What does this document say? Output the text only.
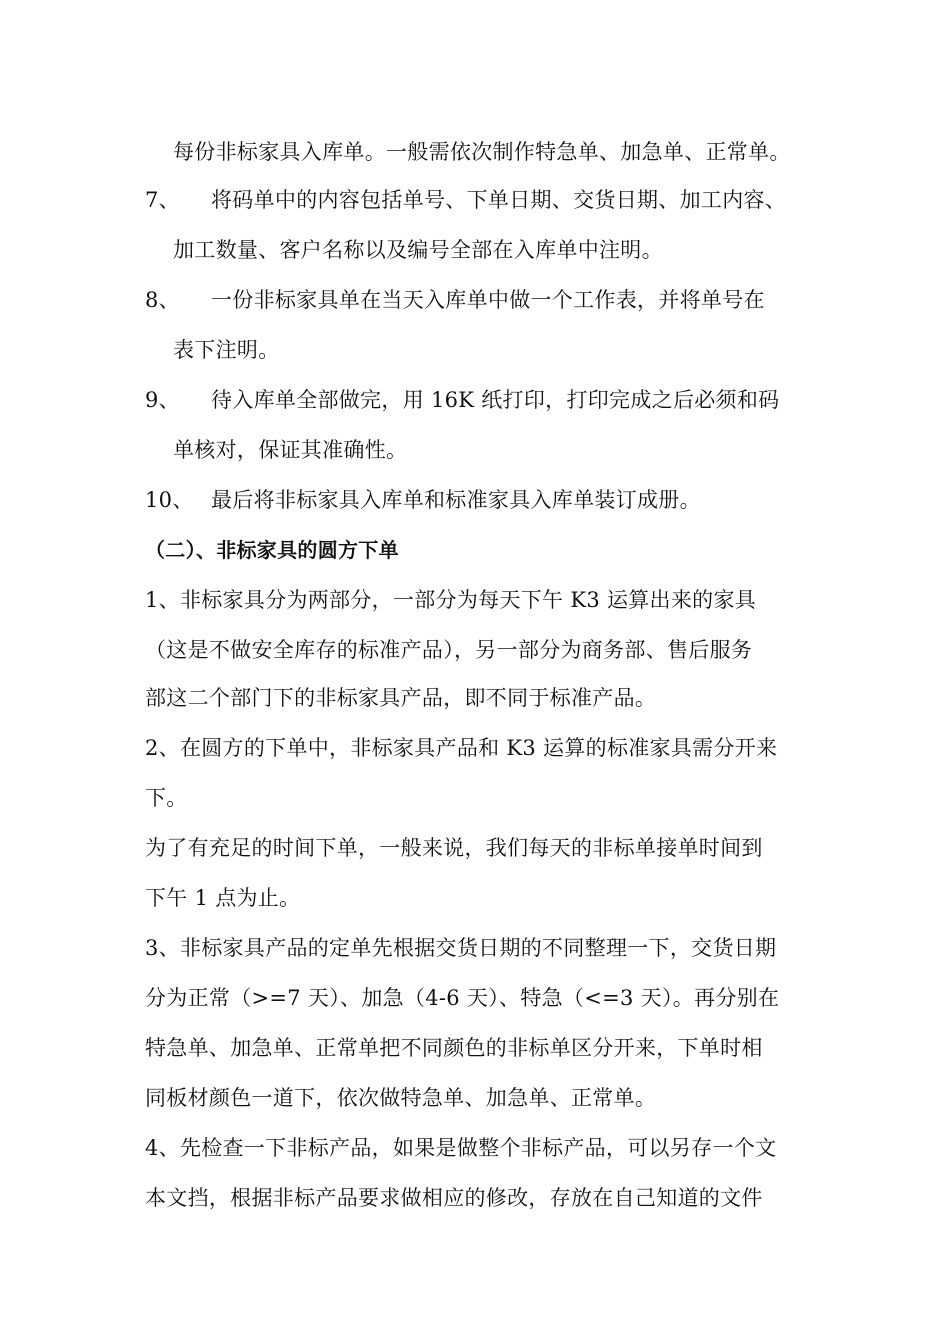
每份非标家具入库单。一般需依次制作特急单、加急单、正常单。
7、 将码单中的内容包括单号、下单日期、交货日期、加工内容、
加工数量、客户名称以及编号全部在入库单中注明。
8、 一份非标家具单在当天入库单中做一个工作表，并将单号在
表下注明。
9、 待入库单全部做完，用 16K 纸打印，打印完成之后必须和码
单核对，保证其准确性。
10、 最后将非标家具入库单和标准家具入库单装订成册。
（二）、非标家具的圆方下单
1、非标家具分为两部分，一部分为每天下午 K3 运算出来的家具
（这是不做安全库存的标准产品），另一部分为商务部、售后服务
部这二个部门下的非标家具产品，即不同于标准产品。
2、在圆方的下单中，非标家具产品和 K3 运算的标准家具需分开来
下。
为了有充足的时间下单，一般来说，我们每天的非标单接单时间到
下午 1 点为止。
3、非标家具产品的定单先根据交货日期的不同整理一下，交货日期
分为正常（>=7 天）、加急（4-6 天）、特急（<=3 天）。再分别在
特急单、加急单、正常单把不同颜色的非标单区分开来，下单时相
同板材颜色一道下，依次做特急单、加急单、正常单。
4、先检查一下非标产品，如果是做整个非标产品，可以另存一个文
本文挡，根据非标产品要求做相应的修改，存放在自己知道的文件
